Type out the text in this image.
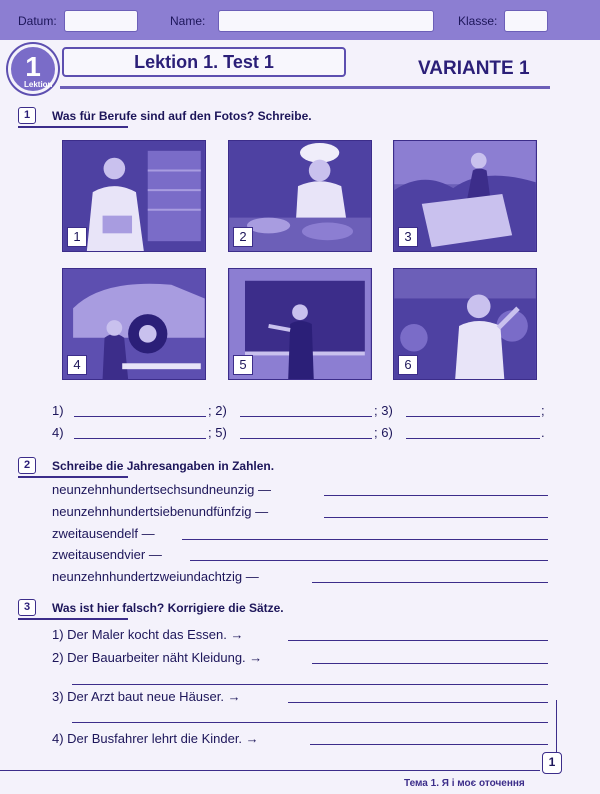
Datum:	Name:	Klasse:
1
Lektion
Lektion 1. Test 1	VARIANTE 1
1	Was für Berufe sind auf den Fotos? Schreibe.
1	2	3
4	5	6
1)	; 2)	; 3)	;
4)	; 5)	; 6)	.
2	Schreibe die Jahresangaben in Zahlen.
neunzehnhundertsechsundneunzig —
neunzehnhundertsiebenundfünfzig —
zweitausendelf —
zweitausendvier —
neunzehnhundertzweiundachtzig —
3	Was ist hier falsch? Korrigiere die Sätze.
1) Der Maler kocht das Essen. →
2) Der Bauarbeiter näht Kleidung. →
3) Der Arzt baut neue Häuser. →
4) Der Busfahrer lehrt die Kinder. →
1
Тема 1. Я і моє оточення
